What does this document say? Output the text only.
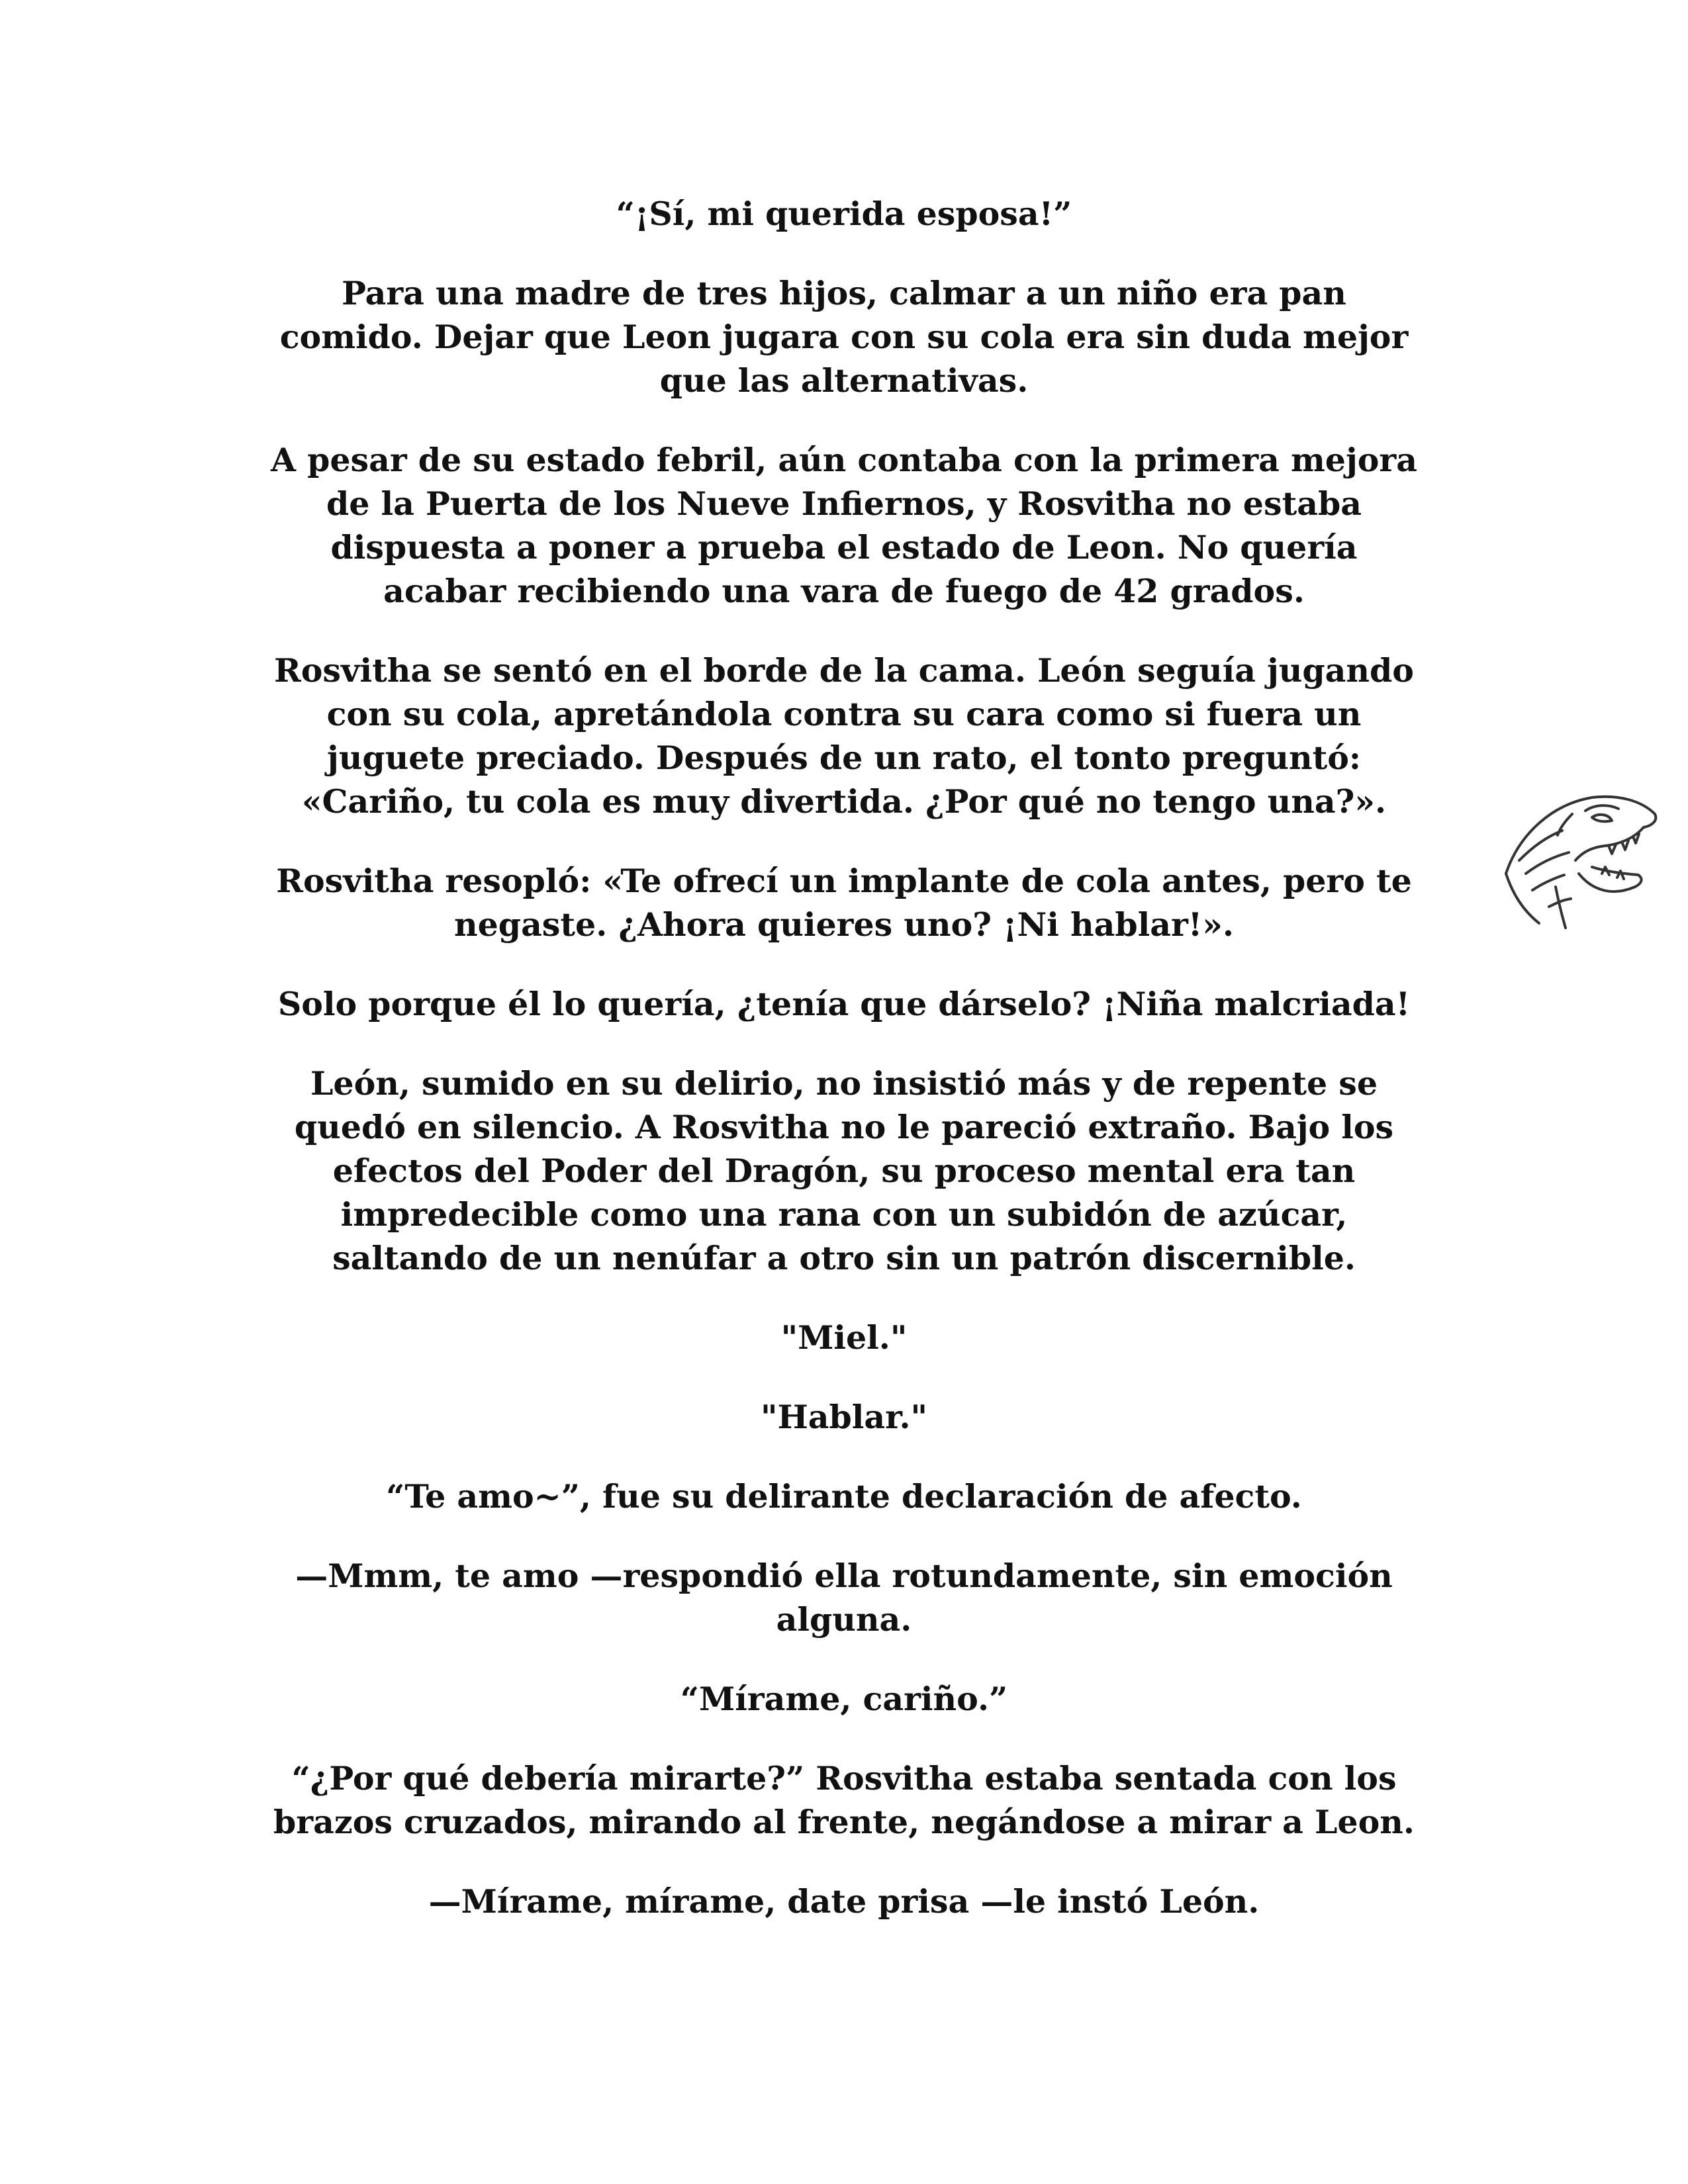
“¡Sí, mi querida esposa!”

Para una madre de tres hijos, calmar a un niño era pan
comido. Dejar que Leon jugara con su cola era sin duda mejor
que las alternativas.

A pesar de su estado febril, aún contaba con la primera mejora
de la Puerta de los Nueve Infiernos, y Rosvitha no estaba
dispuesta a poner a prueba el estado de Leon. No quería
acabar recibiendo una vara de fuego de 42 grados.

Rosvitha se sentó en el borde de la cama. León seguía jugando
con su cola, apretándola contra su cara como si fuera un
juguete preciado. Después de un rato, el tonto preguntó:
«Cariño, tu cola es muy divertida. ¿Por qué no tengo una?».

Rosvitha resopló: «Te ofrecí un implante de cola antes, pero te
negaste. ¿Ahora quieres uno? ¡Ni hablar!».

Solo porque él lo quería, ¿tenía que dárselo? ¡Niña malcriada!

León, sumido en su delirio, no insistió más y de repente se
quedó en silencio. A Rosvitha no le pareció extraño. Bajo los
efectos del Poder del Dragón, su proceso mental era tan
impredecible como una rana con un subidón de azúcar,
saltando de un nenúfar a otro sin un patrón discernible.

"Miel."

"Hablar."

“Te amo~”, fue su delirante declaración de afecto.

—Mmm, te amo —respondió ella rotundamente, sin emoción
alguna.

“Mírame, cariño.”

“¿Por qué debería mirarte?” Rosvitha estaba sentada con los
brazos cruzados, mirando al frente, negándose a mirar a Leon.

—Mírame, mírame, date prisa —le instó León.
